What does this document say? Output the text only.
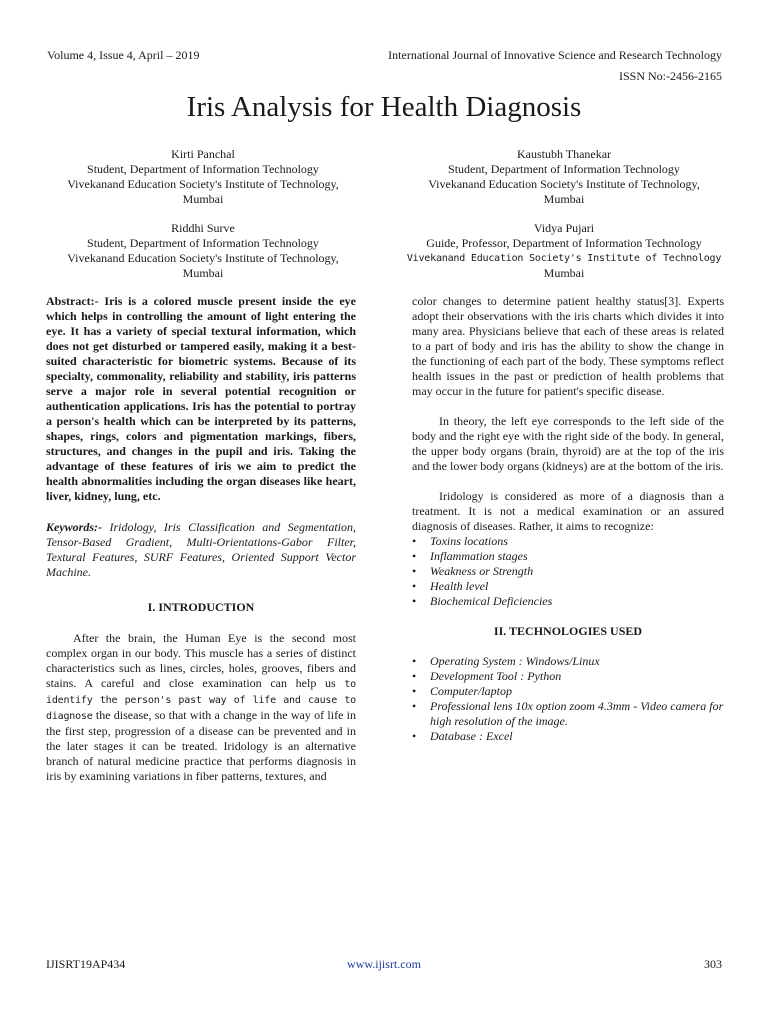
Volume 4, Issue 4, April – 2019	International Journal of Innovative Science and Research Technology
ISSN No:-2456-2165
Iris Analysis for Health Diagnosis
Kirti Panchal
Student, Department of Information Technology
Vivekanand Education Society's Institute of Technology,
Mumbai
Kaustubh Thanekar
Student, Department of Information Technology
Vivekanand Education Society's Institute of Technology,
Mumbai
Riddhi Surve
Student, Department of Information Technology
Vivekanand Education Society's Institute of Technology,
Mumbai
Vidya Pujari
Guide, Professor, Department of Information Technology
Vivekanand Education Society's Institute of Technology
Mumbai
Abstract:- Iris is a colored muscle present inside the eye which helps in controlling the amount of light entering the eye. It has a variety of special textural information, which does not get disturbed or tampered easily, making it a best-suited characteristic for biometric systems. Because of its specialty, commonality, reliability and stability, iris patterns serve a major role in several potential recognition or authentication applications. Iris has the potential to portray a person's health which can be interpreted by its patterns, shapes, rings, colors and pigmentation markings, fibers, structures, and changes in the pupil and iris. Taking the advantage of these features of iris we aim to predict the health abnormalities including the organ diseases like heart, liver, kidney, lung, etc.
Keywords:- Iridology, Iris Classification and Segmentation, Tensor-Based Gradient, Multi-Orientations-Gabor Filter, Textural Features, SURF Features, Oriented Support Vector Machine.
I. INTRODUCTION
After the brain, the Human Eye is the second most complex organ in our body. This muscle has a series of distinct characteristics such as lines, circles, holes, grooves, fibers and stains. A careful and close examination can help us to identify the person's past way of life and cause to diagnose the disease, so that with a change in the way of life in the first step, progression of a disease can be prevented and in the later stages it can be treated. Iridology is an alternative branch of natural medicine practice that performs diagnosis in iris by examining variations in fiber patterns, textures, and
color changes to determine patient healthy status[3]. Experts adopt their observations with the iris charts which divides it into many area. Physicians believe that each of these areas is related to a part of body and iris has the ability to show the change in the functioning of each part of the body. These symptoms reflect health issues in the past or prediction of health problems that may occur in the future for patient's specific disease.
In theory, the left eye corresponds to the left side of the body and the right eye with the right side of the body. In general, the upper body organs (brain, thyroid) are at the top of the iris and the lower body organs (kidneys) are at the bottom of the iris.
Iridology is considered as more of a diagnosis than a treatment. It is not a medical examination or an assured diagnosis of diseases. Rather, it aims to recognize:
• Toxins locations
• Inflammation stages
• Weakness or Strength
• Health level
• Biochemical Deficiencies
II. TECHNOLOGIES USED
• Operating System : Windows/Linux
• Development Tool : Python
• Computer/laptop
• Professional lens 10x option zoom 4.3mm - Video camera for high resolution of the image.
• Database : Excel
IJISRT19AP434	www.ijisrt.com	303
